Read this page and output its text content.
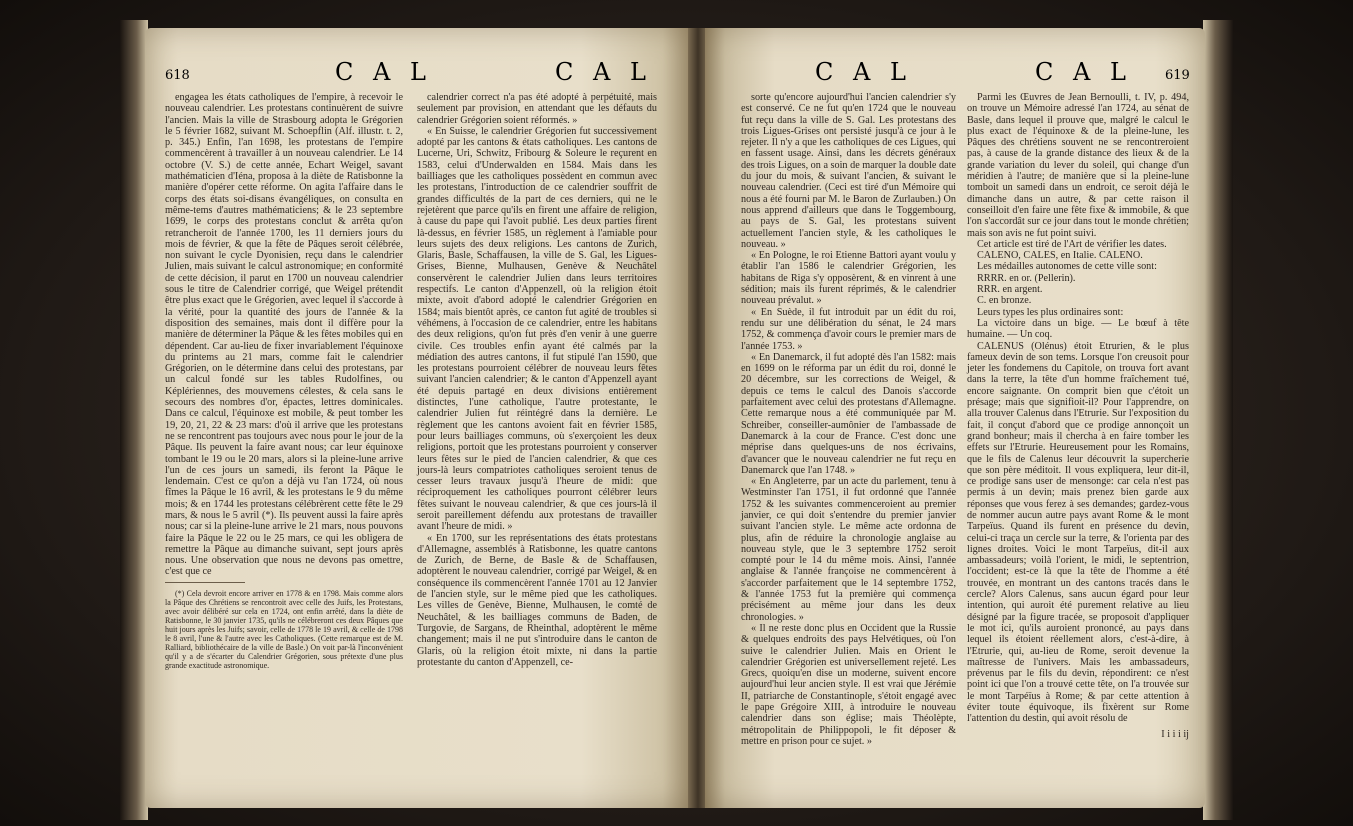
618	C A L	C A L

engagea les états catholiques de l'empire, à recevoir le nouveau calendrier. Les protestans continuèrent de suivre l'ancien. Mais la ville de Strasbourg adopta le Grégorien le 5 février 1682, suivant M. Schoepflin (Alf. illustr. t. 2, p. 345.) Enfin, l'an 1698, les protestans de l'empire commencèrent à travailler à un nouveau calendrier. Le 14 octobre (V. S.) de cette année, Echart Weigel, savant mathématicien d'Iéna, proposa à la diète de Ratisbonne la manière d'opérer cette réforme. On agita l'affaire dans le corps des états soi-disans évangéliques, on consulta en même-tems d'autres mathématiciens; & le 23 septembre 1699, le corps des protestans conclut & arrêta qu'on retrancheroit de l'année 1700, les 11 derniers jours du mois de février, & que la fête de Pâques seroit célébrée, non suivant le cycle Dyonisien, reçu dans le calendrier Julien, mais suivant le calcul astronomique; en conformité de cette décision, il parut en 1700 un nouveau calendrier sous le titre de Calendrier corrigé, que Weigel prétendit être plus exact que le Grégorien, avec lequel il s'accorde à la vérité, pour la quantité des jours de l'année & la disposition des semaines, mais dont il diffère pour la manière de déterminer la Pâque & les fêtes mobiles qui en dépendent. Car au-lieu de fixer invariablement l'équinoxe du printems au 21 mars, comme fait le calendrier Grégorien, on le détermine dans celui des protestans, par un calcul fondé sur les tables Rudolfines, ou Képlériennes, des mouvemens célestes, & cela sans le secours des nombres d'or, épactes, lettres dominicales. Dans ce calcul, l'équinoxe est mobile, & peut tomber les 19, 20, 21, 22 & 23 mars: d'où il arrive que les protestans ne se rencontrent pas toujours avec nous pour le jour de la Pâque. Ils peuvent la faire avant nous; car leur équinoxe tombant le 19 ou le 20 mars, alors si la pleine-lune arrive l'un de ces jours un samedi, ils feront la Pâque le lendemain. C'est ce qu'on a déjà vu l'an 1724, où nous fîmes la Pâque le 16 avril, & les protestans le 9 du même mois; & en 1744 les protestans célébrèrent cette fête le 29 mars, & nous le 5 avril (*). Ils peuvent aussi la faire après nous; car si la pleine-lune arrive le 21 mars, nous pouvons faire la Pâque le 22 ou le 25 mars, ce qui les obligera de remettre la Pâque au dimanche suivant, sept jours après nous. Une observation que nous ne devons pas omettre, c'est que ce

(*) Cela devroit encore arriver en 1778 & en 1798. Mais comme alors la Pâque des Chrétiens se rencontroit avec celle des Juifs, les Protestans, avec avoir délibéré sur cela en 1724, ont enfin arrêté, dans la diète de Ratisbonne, le 30 janvier 1735, qu'ils ne célébreront ces deux Pâques que huit jours après les Juifs; savoir, celle de 1778 le 19 avril, & celle de 1798 le 8 avril, l'une & l'autre avec les Catholiques. (Cette remarque est de M. Ralliard, bibliothécaire de la ville de Basle.) On voit par-là l'inconvénient qu'il y a de s'écarter du Calendrier Grégorien, sous prétexte d'une plus grande exactitude astronomique.

calendrier correct n'a pas été adopté à perpétuité, mais seulement par provision, en attendant que les défauts du calendrier Grégorien soient réformés. »

« En Suisse, le calendrier Grégorien fut successivement adopté par les cantons & états catholiques. Les cantons de Lucerne, Uri, Schwitz, Fribourg & Soleure le reçurent en 1583, celui d'Underwalden en 1584. Mais dans les bailliages que les catholiques possèdent en commun avec les protestans, l'introduction de ce calendrier souffrit de grandes difficultés de la part de ces derniers, qui ne le rejetèrent que parce qu'ils en firent une affaire de religion, à cause du pape qui l'avoit publié. Les deux parties firent là-dessus, en février 1585, un règlement à l'amiable pour leurs sujets des deux religions. Les cantons de Zurich, Glaris, Basle, Schaffausen, la ville de S. Gal, les Ligues-Grises, Bienne, Mulhausen, Genève & Neuchâtel conservèrent le calendrier Julien dans leurs territoires respectifs. Le canton d'Appenzell, où la religion étoit mixte, avoit d'abord adopté le calendrier Grégorien en 1584; mais bientôt après, ce canton fut agité de troubles si véhémens, à l'occasion de ce calendrier, entre les habitans des deux religions, qu'on fut près d'en venir à une guerre civile. Ces troubles enfin ayant été calmés par la médiation des autres cantons, il fut stipulé l'an 1590, que les protestans pourroient célébrer de nouveau leurs fêtes suivant l'ancien calendrier; & le canton d'Appenzell ayant été depuis partagé en deux divisions entièrement distinctes, l'une catholique, l'autre protestante, le calendrier Julien fut réintégré dans la dernière. Le règlement que les cantons avoient fait en février 1585, pour leurs bailliages communs, où s'exerçoient les deux religions, portoit que les protestans pourroient y conserver leurs fêtes sur le pied de l'ancien calendrier, & que ces jours-là leurs compatriotes catholiques seroient tenus de cesser leurs travaux jusqu'à l'heure de midi: que réciproquement les catholiques pourront célébrer leurs fêtes suivant le nouveau calendrier, & que ces jours-là il seroit pareillement défendu aux protestans de travailler avant l'heure de midi. »

« En 1700, sur les représentations des états protestans d'Allemagne, assemblés à Ratisbonne, les quatre cantons de Zurich, de Berne, de Basle & de Schaffausen, adoptèrent le nouveau calendrier, corrigé par Weigel, & en conséquence ils commencèrent l'année 1701 au 12 Janvier de l'ancien style, sur le même pied que les catholiques. Les villes de Genève, Bienne, Mulhausen, le comté de Neuchâtel, & les bailliages communs de Baden, de Turgovie, de Sargans, de Rheinthal, adoptèrent le même changement; mais il ne put s'introduire dans le canton de Glaris, où la religion étoit mixte, ni dans la partie protestante du canton d'Appenzell, ce-

C A L	C A L	619

sorte qu'encore aujourd'hui l'ancien calendrier s'y est conservé. Ce ne fut qu'en 1724 que le nouveau fut reçu dans la ville de S. Gal. Les protestans des trois Ligues-Grises ont persisté jusqu'à ce jour à le rejeter. Il n'y a que les catholiques de ces Ligues, qui en fassent usage. Ainsi, dans les décrets généraux des trois Ligues, on a soin de marquer la double date du jour du mois, & suivant l'ancien, & suivant le nouveau calendrier. (Ceci est tiré d'un Mémoire qui nous a été fourni par M. le Baron de Zurlauben.) On nous apprend d'ailleurs que dans le Toggembourg, au pays de S. Gal, les protestans suivent actuellement l'ancien style, & les catholiques le nouveau. »

« En Pologne, le roi Etienne Battori ayant voulu y établir l'an 1586 le calendrier Grégorien, les habitans de Riga s'y opposèrent, & en vinrent à une sédition; mais ils furent réprimés, & le calendrier nouveau prévalut. »

« En Suède, il fut introduit par un édit du roi, rendu sur une délibération du sénat, le 24 mars 1752, & commença d'avoir cours le premier mars de l'année 1753. »

« En Danemarck, il fut adopté dès l'an 1582: mais en 1699 on le réforma par un édit du roi, donné le 20 décembre, sur les corrections de Weigel, & depuis ce tems le calcul des Danois s'accorde parfaitement avec celui des protestans d'Allemagne. Cette remarque nous a été communiquée par M. Schreiber, conseiller-aumônier de l'ambassade de Danemarck à la cour de France. C'est donc une méprise dans quelques-uns de nos écrivains, d'avancer que le nouveau calendrier ne fut reçu en Danemarck que l'an 1748. »

« En Angleterre, par un acte du parlement, tenu à Westminster l'an 1751, il fut ordonné que l'année 1752 & les suivantes commenceroient au premier janvier, ce qui doit s'entendre du premier janvier suivant l'ancien style. Le même acte ordonna de plus, afin de réduire la chronologie anglaise au nouveau style, que le 3 septembre 1752 seroit compté pour le 14 du même mois. Ainsi, l'année anglaise & l'année françoise ne commencèrent à s'accorder parfaitement que le 14 septembre 1752, & l'année 1753 fut la première qui commença précisément au même jour dans les deux chronologies. »

« Il ne reste donc plus en Occident que la Russie & quelques endroits des pays Helvétiques, où l'on suive le calendrier Julien. Mais en Orient le calendrier Grégorien est universellement rejeté. Les Grecs, quoiqu'en dise un moderne, suivent encore aujourd'hui leur ancien style. Il est vrai que Jérémie II, patriarche de Constantinople, s'étoit engagé avec le pape Grégoire XIII, à introduire le nouveau calendrier dans son église; mais Théolèpte, métropolitain de Philippopoli, le fit déposer & mettre en prison pour ce sujet. »

Parmi les Œuvres de Jean Bernoulli, t. IV, p. 494, on trouve un Mémoire adressé l'an 1724, au sénat de Basle, dans lequel il prouve que, malgré le calcul le plus exact de l'équinoxe & de la pleine-lune, les Pâques des chrétiens souvent ne se rencontreroient pas, à cause de la grande distance des lieux & de la grande variation du lever du soleil, qui change d'un méridien à l'autre; de manière que si la pleine-lune tomboit un samedi dans un endroit, ce seroit déjà le dimanche dans un autre, & par cette raison il conseilloit d'en faire une fête fixe & immobile, & que l'on s'accordât sur ce jour dans tout le monde chrétien; mais son avis ne fut point suivi.

Cet article est tiré de l'Art de vérifier les dates.

CALENO, CALES, en Italie. CALENO.

Les médailles autonomes de cette ville sont:

RRRR. en or. (Pellerin).

RRR. en argent.

C. en bronze.

Leurs types les plus ordinaires sont:

La victoire dans un bige. — Le bœuf à tête humaine. — Un coq.

CALENUS (Olénus) étoit Etrurien, & le plus fameux devin de son tems. Lorsque l'on creusoit pour jeter les fondemens du Capitole, on trouva fort avant dans la terre, la tête d'un homme fraîchement tué, encore saignante. On comprit bien que c'étoit un présage; mais que signifioit-il? Pour l'apprendre, on alla trouver Calenus dans l'Etrurie. Sur l'exposition du fait, il conçut d'abord que ce prodige annonçoit un grand bonheur; mais il chercha à en faire tomber les effets sur l'Etrurie. Heureusement pour les Romains, que le fils de Calenus leur découvrit la supercherie que son père méditoit. Il vous expliquera, leur dit-il, ce prodige sans user de mensonge: car cela n'est pas permis à un devin; mais prenez bien garde aux réponses que vous ferez à ses demandes; gardez-vous de nommer aucun autre pays avant Rome & le mont Tarpeïus. Quand ils furent en présence du devin, celui-ci traça un cercle sur la terre, & l'orienta par des lignes droites. Voici le mont Tarpeïus, dit-il aux ambassadeurs; voilà l'orient, le midi, le septentrion, l'occident; est-ce là que la tête de l'homme a été trouvée, en montrant un des cantons tracés dans le cercle? Alors Calenus, sans aucun égard pour leur intention, qui auroit été purement relative au lieu désigné par la figure tracée, se proposoit d'appliquer le mot ici, qu'ils auroient prononcé, au pays dans lequel ils étoient réellement alors, c'est-à-dire, à l'Etrurie, qui, au-lieu de Rome, seroit devenue la maîtresse de l'univers. Mais les ambassadeurs, prévenus par le fils du devin, répondirent: ce n'est point ici que l'on a trouvé cette tête, on l'a trouvée sur le mont Tarpéïus à Rome; & par cette attention à éviter toute équivoque, ils fixèrent sur Rome l'attention du destin, qui avoit résolu de

I i i i ij
